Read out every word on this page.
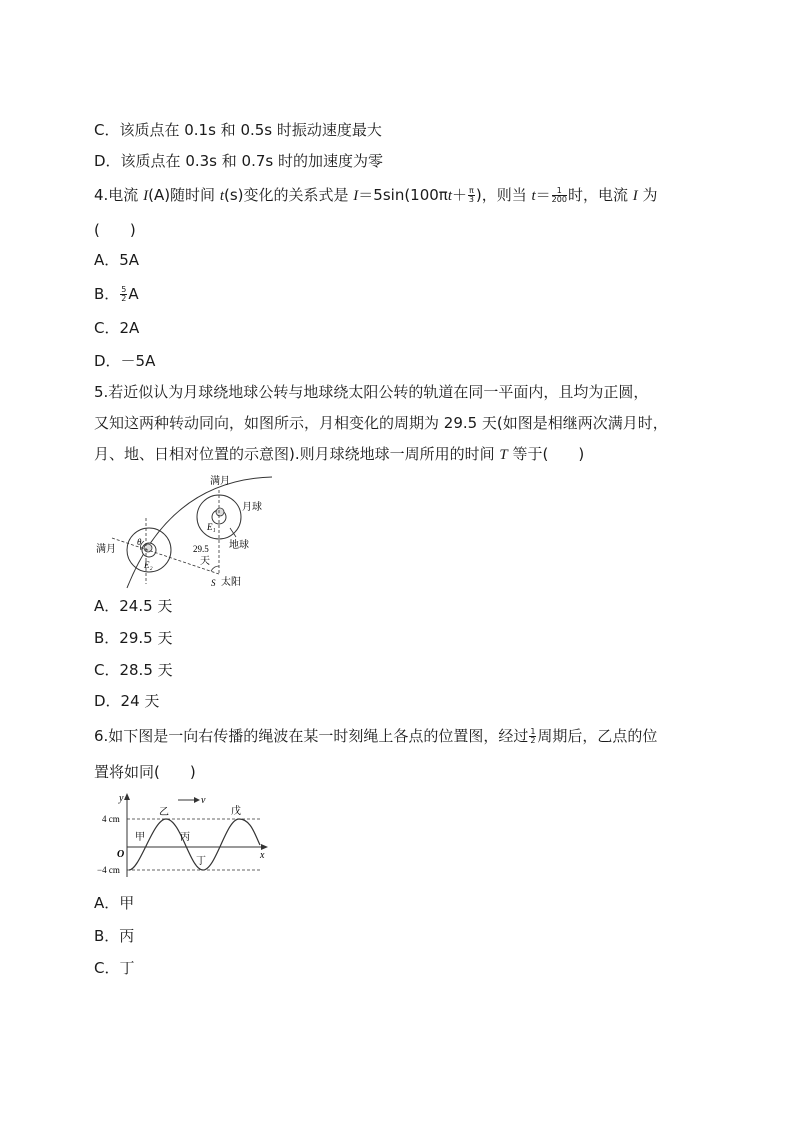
C．该质点在 0.1s 和 0.5s 时振动速度最大
D．该质点在 0.3s 和 0.7s 时的加速度为零
4.电流 I(A)随时间 t(s)变化的关系式是 $I=5\sin(100\pi t+ \frac{\pi}{3}$ )，则当 $t= \frac{1}{200}$ 时，电流 I 为
(　　)
A．5A
B． $\frac{5}{2}$ A
C．2A
D．－5A
5.若近似认为月球绕地球公转与地球绕太阳公转的轨道在同一平面内，且均为正圆，
又知这两种转动同向，如图所示，月相变化的周期为 29.5 天(如图是相继两次满月时，
月、地、日相对位置的示意图).则月球绕地球一周所用的时间 T 等于(　　)
满月
月球
E₁
地球
满月
θ
E₂
29.5
天
S 太阳
A．24.5 天
B．29.5 天
C．28.5 天
D．24 天
6.如下图是一向右传播的绳波在某一时刻绳上各点的位置图，经过 $\frac{1}{2}$ 周期后，乙点的位
置将如同(　　)
y	v
4 cm
−4 cm
O	x
甲
乙
丙
丁
戊
A．甲
B．丙
C．丁
